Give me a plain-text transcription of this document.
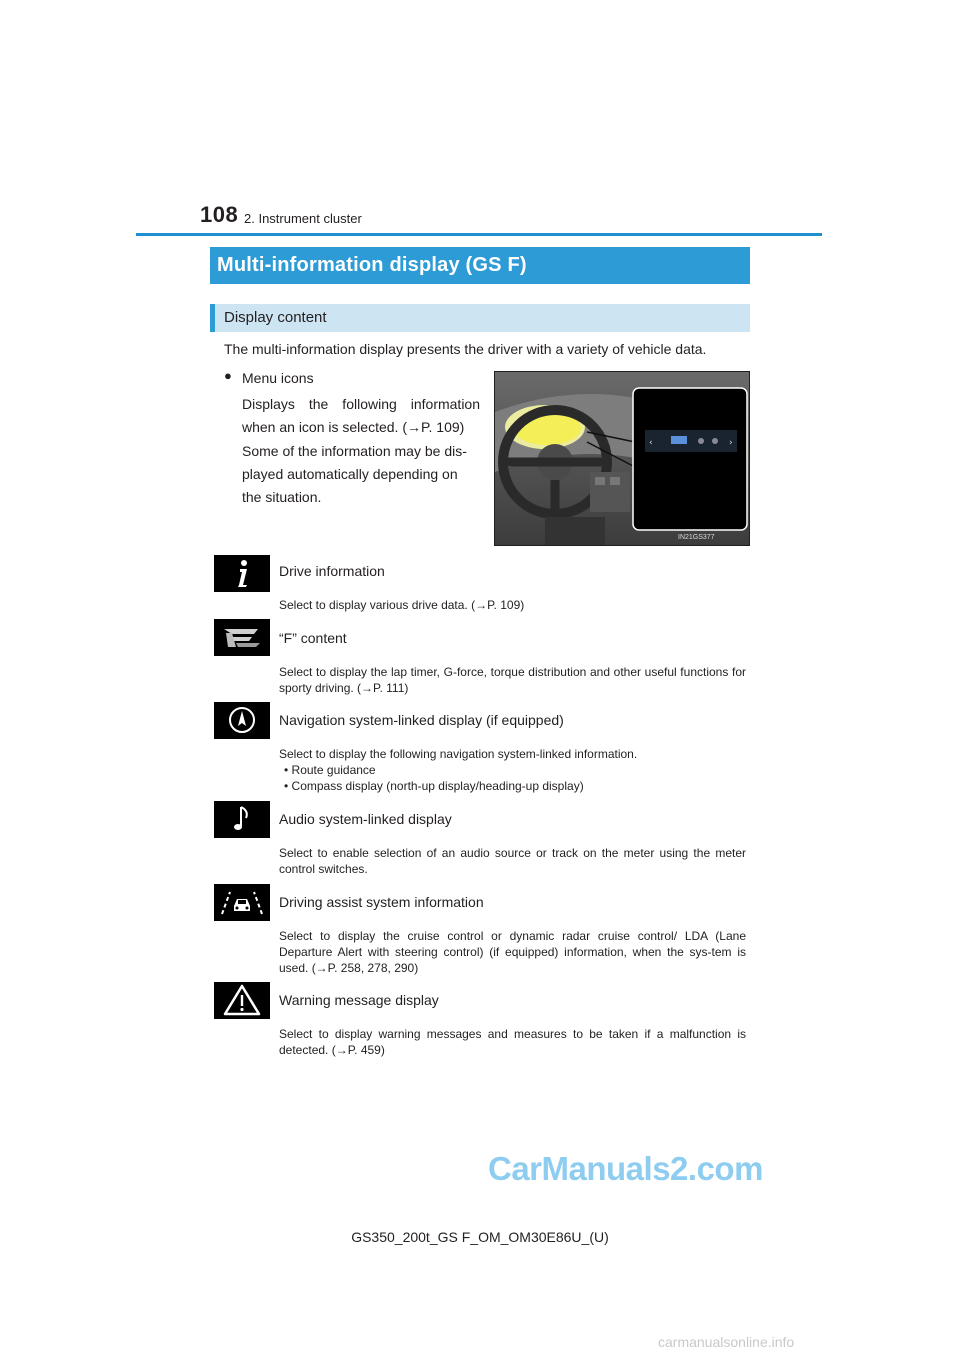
108 2. Instrument cluster
Multi-information display (GS F)
Display content
The multi-information display presents the driver with a variety of vehicle data.
● Menu icons
Displays the following information when an icon is selected. (→P. 109)
Some of the information may be dis-
played automatically depending on
the situation.
‹	›
IN21GS377
Drive information
Select to display various drive data. (→P. 109)
“F” content
Select to display the lap timer, G-force, torque distribution and other useful functions for sporty driving. (→P. 111)
Navigation system-linked display (if equipped)
Select to display the following navigation system-linked information.
• Route guidance
• Compass display (north-up display/heading-up display)
Audio system-linked display
Select to enable selection of an audio source or track on the meter using the meter control switches.
Driving assist system information
Select to display the cruise control or dynamic radar cruise control/ LDA (Lane Departure Alert with steering control) (if equipped) information, when the sys-tem is used. (→P. 258, 278, 290)
Warning message display
Select to display warning messages and measures to be taken if a malfunction is detected. (→P. 459)
CarManuals2.com
GS350_200t_GS F_OM_OM30E86U_(U)
carmanualsonline.info
